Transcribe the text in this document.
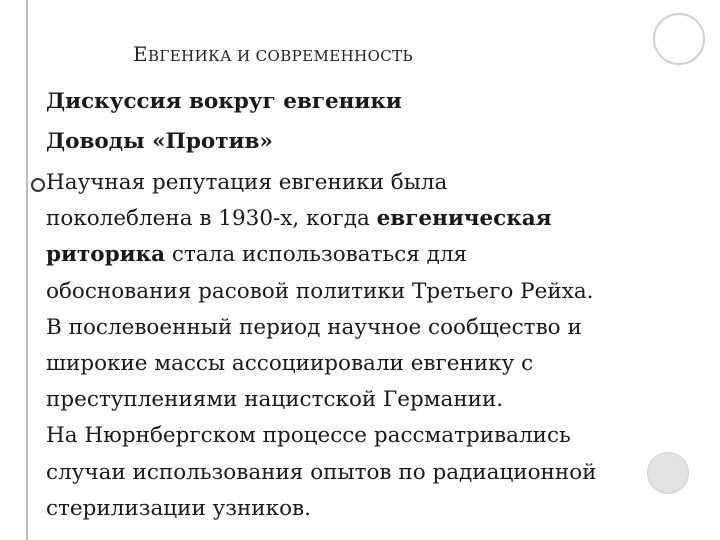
ЕВГЕНИКА И СОВРЕМЕННОСТЬ
Дискуссия вокруг евгеники
Доводы «Против»
Научная репутация евгеники была
поколеблена в 1930-х, когда евгеническая
риторика стала использоваться для
обоснования расовой политики Третьего Рейха.
В послевоенный период научное сообщество и
широкие массы ассоциировали евгенику с
преступлениями нацистской Германии.
На Нюрнбергском процессе рассматривались
случаи использования опытов по радиационной
стерилизации узников.
